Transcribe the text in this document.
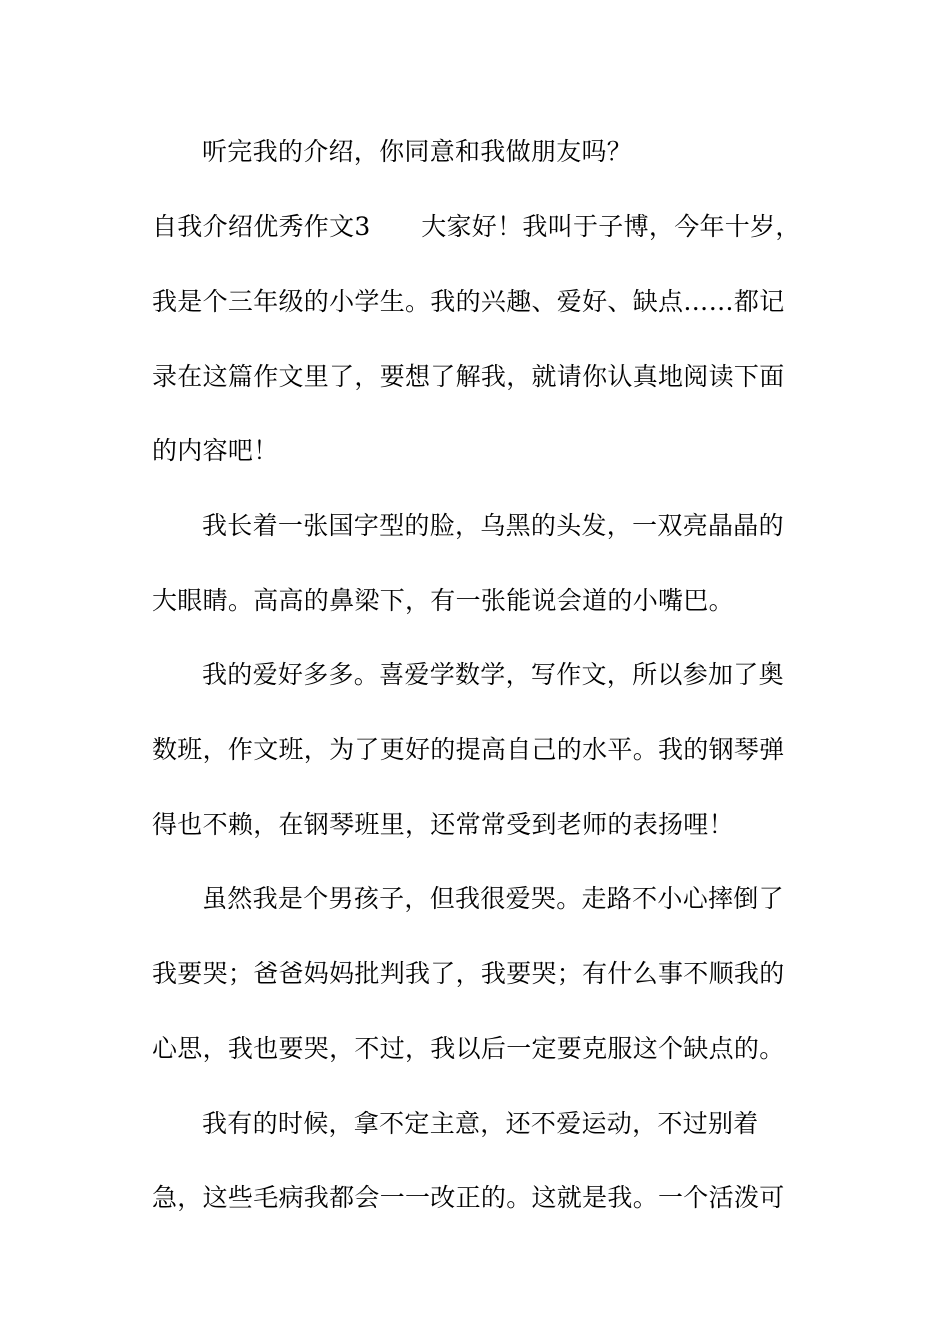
听完我的介绍，你同意和我做朋友吗？
自我介绍优秀作文3　　大家好！我叫于子博，今年十岁，
我是个三年级的小学生。我的兴趣、爱好、缺点……都记
录在这篇作文里了，要想了解我，就请你认真地阅读下面
的内容吧！
我长着一张国字型的脸，乌黑的头发，一双亮晶晶的
大眼睛。高高的鼻梁下，有一张能说会道的小嘴巴。
我的爱好多多。喜爱学数学，写作文，所以参加了奥
数班，作文班，为了更好的提高自己的水平。我的钢琴弹
得也不赖，在钢琴班里，还常常受到老师的表扬哩！
虽然我是个男孩子，但我很爱哭。走路不小心摔倒了
我要哭；爸爸妈妈批判我了，我要哭；有什么事不顺我的
心思，我也要哭，不过，我以后一定要克服这个缺点的。
我有的时候，拿不定主意，还不爱运动，不过别着
急，这些毛病我都会一一改正的。这就是我。一个活泼可
